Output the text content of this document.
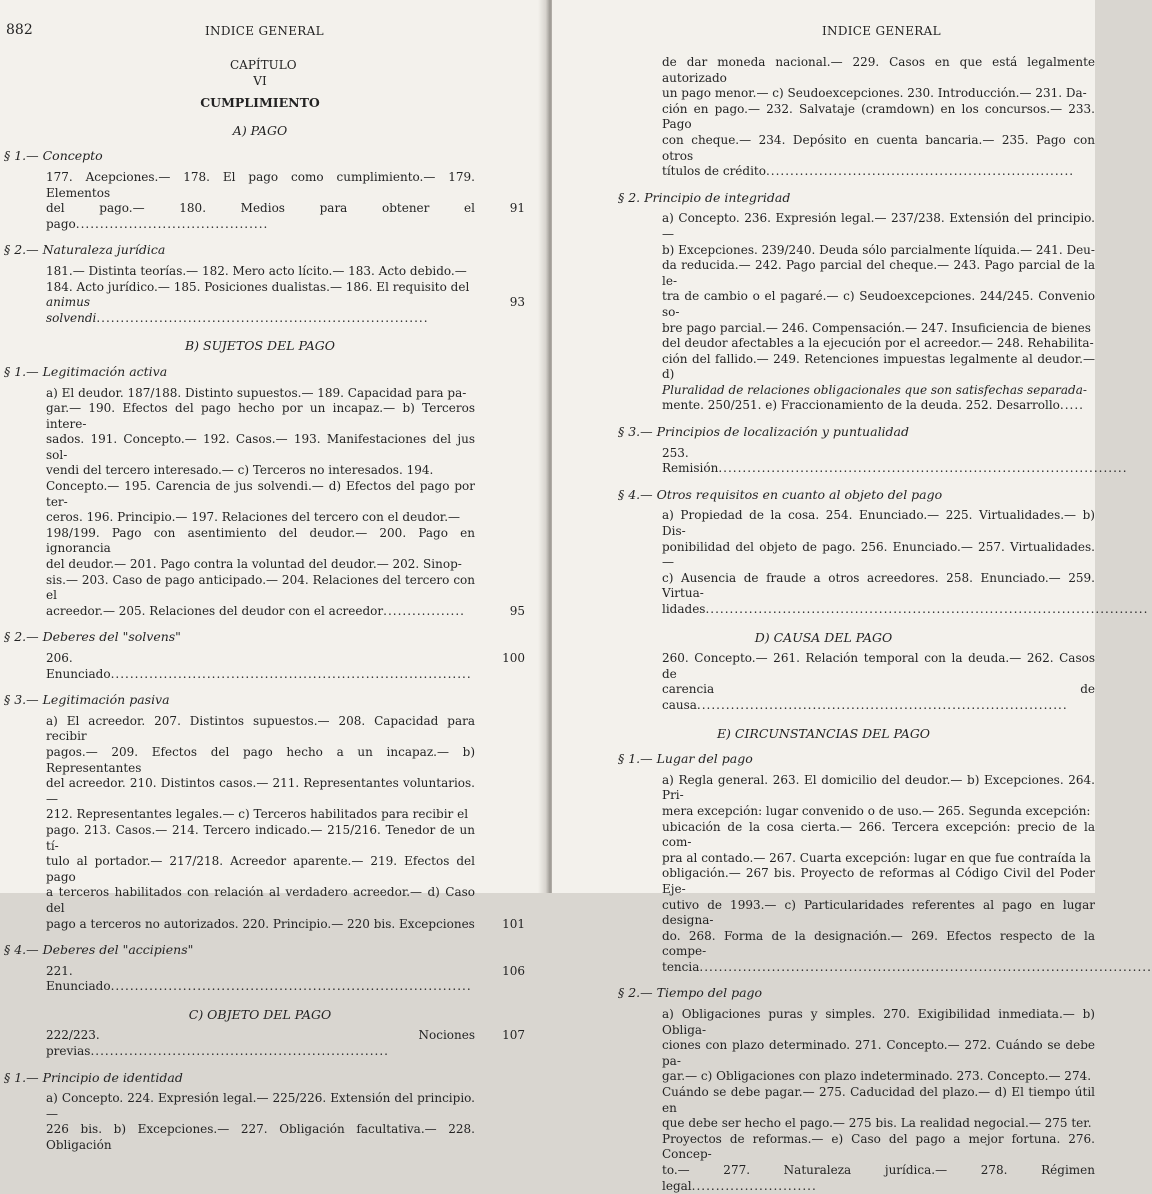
882	INDICE GENERAL
CAPÍTULO VI
CUMPLIMIENTO
A) PAGO
§ 1.— Concepto
177. Acepciones.— 178. El pago como cumplimiento.— 179. Elementos
del pago.— 180. Medios para obtener el pago........................................
91
§ 2.— Naturaleza jurídica
181.— Distinta teorías.— 182. Mero acto lícito.— 183. Acto debido.—
184. Acto jurídico.— 185. Posiciones dualistas.— 186. El requisito del
animus solvendi.....................................................................
93
B) SUJETOS DEL PAGO
§ 1.— Legitimación activa
a) El deudor. 187/188. Distinto supuestos.— 189. Capacidad para pa-
gar.— 190. Efectos del pago hecho por un incapaz.— b) Terceros intere-
sados. 191. Concepto.— 192. Casos.— 193. Manifestaciones del jus sol-
vendi del tercero interesado.— c) Terceros no interesados. 194.
Concepto.— 195. Carencia de jus solvendi.— d) Efectos del pago por ter-
ceros. 196. Principio.— 197. Relaciones del tercero con el deudor.—
198/199. Pago con asentimiento del deudor.— 200. Pago en ignorancia
del deudor.— 201. Pago contra la voluntad del deudor.— 202. Sinop-
sis.— 203. Caso de pago anticipado.— 204. Relaciones del tercero con el
acreedor.— 205. Relaciones del deudor con el acreedor.................	95
§ 2.— Deberes del "solvens"
206. Enunciado...........................................................................
100
§ 3.— Legitimación pasiva
a) El acreedor. 207. Distintos supuestos.— 208. Capacidad para recibir
pagos.— 209. Efectos del pago hecho a un incapaz.— b) Representantes
del acreedor. 210. Distintos casos.— 211. Representantes voluntarios.—
212. Representantes legales.— c) Terceros habilitados para recibir el
pago. 213. Casos.— 214. Tercero indicado.— 215/216. Tenedor de un tí-
tulo al portador.— 217/218. Acreedor aparente.— 219. Efectos del pago
a terceros habilitados con relación al verdadero acreedor.— d) Caso del
pago a terceros no autorizados. 220. Principio.— 220 bis. Excepciones 101
§ 4.— Deberes del "accipiens"
221. Enunciado...........................................................................
106
C) OBJETO DEL PAGO
222/223. Nociones previas..............................................................
107
§ 1.— Principio de identidad
a) Concepto. 224. Expresión legal.— 225/226. Extensión del principio.—
226 bis. b) Excepciones.— 227. Obligación facultativa.— 228. Obligación
INDICE GENERAL
de dar moneda nacional.— 229. Casos en que está legalmente autorizado
un pago menor.— c) Seudoexcepciones. 230. Introducción.— 231. Da-
ción en pago.— 232. Salvataje (cramdown) en los concursos.— 233. Pago
con cheque.— 234. Depósito en cuenta bancaria.— 235. Pago con otros
títulos de crédito................................................................
§ 2. Principio de integridad
a) Concepto. 236. Expresión legal.— 237/238. Extensión del principio.—
b) Excepciones. 239/240. Deuda sólo parcialmente líquida.— 241. Deu-
da reducida.— 242. Pago parcial del cheque.— 243. Pago parcial de la le-
tra de cambio o el pagaré.— c) Seudoexcepciones. 244/245. Convenio so-
bre pago parcial.— 246. Compensación.— 247. Insuficiencia de bienes
del deudor afectables a la ejecución por el acreedor.— 248. Rehabilita-
ción del fallido.— 249. Retenciones impuestas legalmente al deudor.— d)
Pluralidad de relaciones obligacionales que son satisfechas separada-
mente. 250/251. e) Fraccionamiento de la deuda. 252. Desarrollo.....
§ 3.— Principios de localización y puntualidad
253. Remisión.....................................................................................
§ 4.— Otros requisitos en cuanto al objeto del pago
a) Propiedad de la cosa. 254. Enunciado.— 225. Virtualidades.— b) Dis-
ponibilidad del objeto de pago. 256. Enunciado.— 257. Virtualidades.—
c) Ausencia de fraude a otros acreedores. 258. Enunciado.— 259. Virtua-
lidades............................................................................................
D) CAUSA DEL PAGO
260. Concepto.— 261. Relación temporal con la deuda.— 262. Casos de
carencia de causa.............................................................................
E) CIRCUNSTANCIAS DEL PAGO
§ 1.— Lugar del pago
a) Regla general. 263. El domicilio del deudor.— b) Excepciones. 264. Pri-
mera excepción: lugar convenido o de uso.— 265. Segunda excepción:
ubicación de la cosa cierta.— 266. Tercera excepción: precio de la com-
pra al contado.— 267. Cuarta excepción: lugar en que fue contraída la
obligación.— 267 bis. Proyecto de reformas al Código Civil del Poder Eje-
cutivo de 1993.— c) Particularidades referentes al pago en lugar designa-
do. 268. Forma de la designación.— 269. Efectos respecto de la compe-
tencia..............................................................................................
§ 2.— Tiempo del pago
a) Obligaciones puras y simples. 270. Exigibilidad inmediata.— b) Obliga-
ciones con plazo determinado. 271. Concepto.— 272. Cuándo se debe pa-
gar.— c) Obligaciones con plazo indeterminado. 273. Concepto.— 274.
Cuándo se debe pagar.— 275. Caducidad del plazo.— d) El tiempo útil en
que debe ser hecho el pago.— 275 bis. La realidad negocial.— 275 ter.
Proyectos de reformas.— e) Caso del pago a mejor fortuna. 276. Concep-
to.— 277. Naturaleza jurídica.— 278. Régimen legal..........................
